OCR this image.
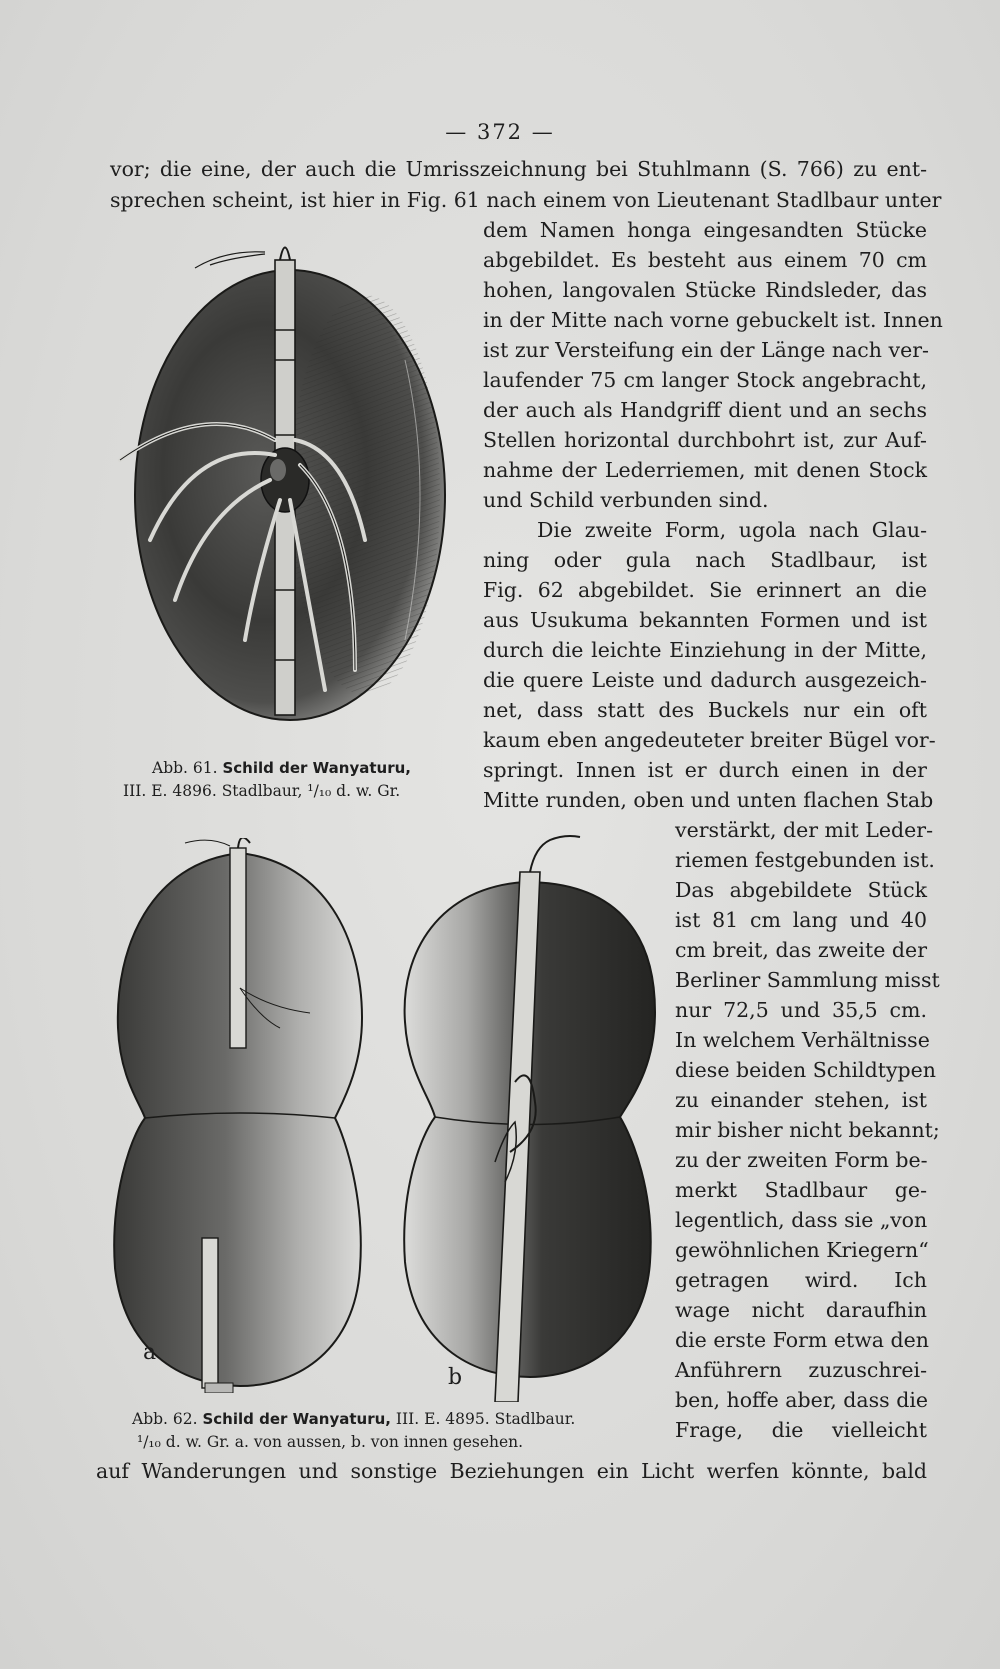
— 372 —
vor; die eine, der auch die Umrisszeichnung bei Stuhlmann (S. 766) zu ent-
sprechen scheint, ist hier in Fig. 61 nach einem von Lieutenant Stadlbaur unter
dem Namen honga eingesandten Stücke
abgebildet. Es besteht aus einem 70 cm
hohen, langovalen Stücke Rindsleder, das
in der Mitte nach vorne gebuckelt ist. Innen
ist zur Versteifung ein der Länge nach ver-
laufender 75 cm langer Stock angebracht,
der auch als Handgriff dient und an sechs
Stellen horizontal durchbohrt ist, zur Auf-
nahme der Lederriemen, mit denen Stock
und Schild verbunden sind.
Die zweite Form, ugola nach Glau-
ning oder gula nach Stadlbaur, ist
Fig. 62 abgebildet. Sie erinnert an die
aus Usukuma bekannten Formen und ist
durch die leichte Einziehung in der Mitte,
die quere Leiste und dadurch ausgezeich-
net, dass statt des Buckels nur ein oft
kaum eben angedeuteter breiter Bügel vor-
springt. Innen ist er durch einen in der
Mitte runden, oben und unten flachen Stab
verstärkt, der mit Leder-
riemen festgebunden ist.
Das abgebildete Stück
ist 81 cm lang und 40
cm breit, das zweite der
Berliner Sammlung misst
nur 72,5 und 35,5 cm.
In welchem Verhältnisse
diese beiden Schildtypen
zu einander stehen, ist
mir bisher nicht bekannt;
zu der zweiten Form be-
merkt Stadlbaur ge-
legentlich, dass sie „von
gewöhnlichen Kriegern“
getragen wird. Ich
wage nicht daraufhin
die erste Form etwa den
Anführern zuzuschrei-
ben, hoffe aber, dass die
Frage, die vielleicht
auf Wanderungen und sonstige Beziehungen ein Licht werfen könnte, bald
Abb. 61. Schild der Wanyaturu,
III. E. 4896. Stadlbaur, ¹/₁₀ d. w. Gr.
a
b
Abb. 62. Schild der Wanyaturu, III. E. 4895. Stadlbaur.
¹/₁₀ d. w. Gr. a. von aussen, b. von innen gesehen.
